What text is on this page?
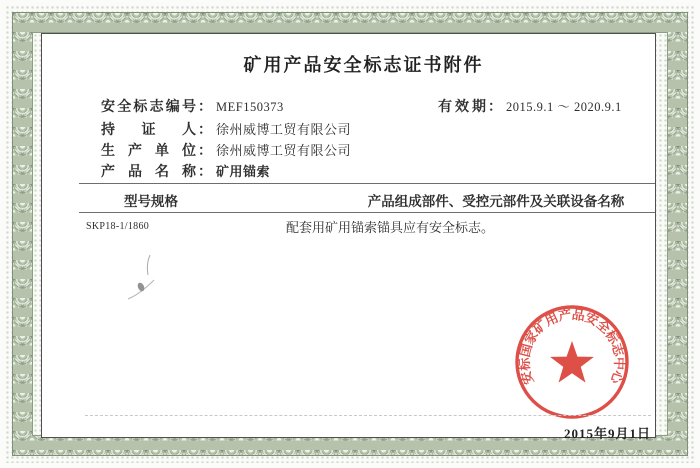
矿用产品安全标志证书附件
安全标志编号 ： MEF150373	有效期 ： 2015.9.1 ～ 2020.9.1
持证人 ： 徐州威博工贸有限公司
生产单位 ： 徐州威博工贸有限公司
产品名称 ： 矿用锚索
型号规格	产品组成部件、受控元部件及关联设备名称
SKP18-1/1860	配套用矿用锚索锚具应有安全标志。
安标国家矿用产品安全标志中心
2015年9月1日
